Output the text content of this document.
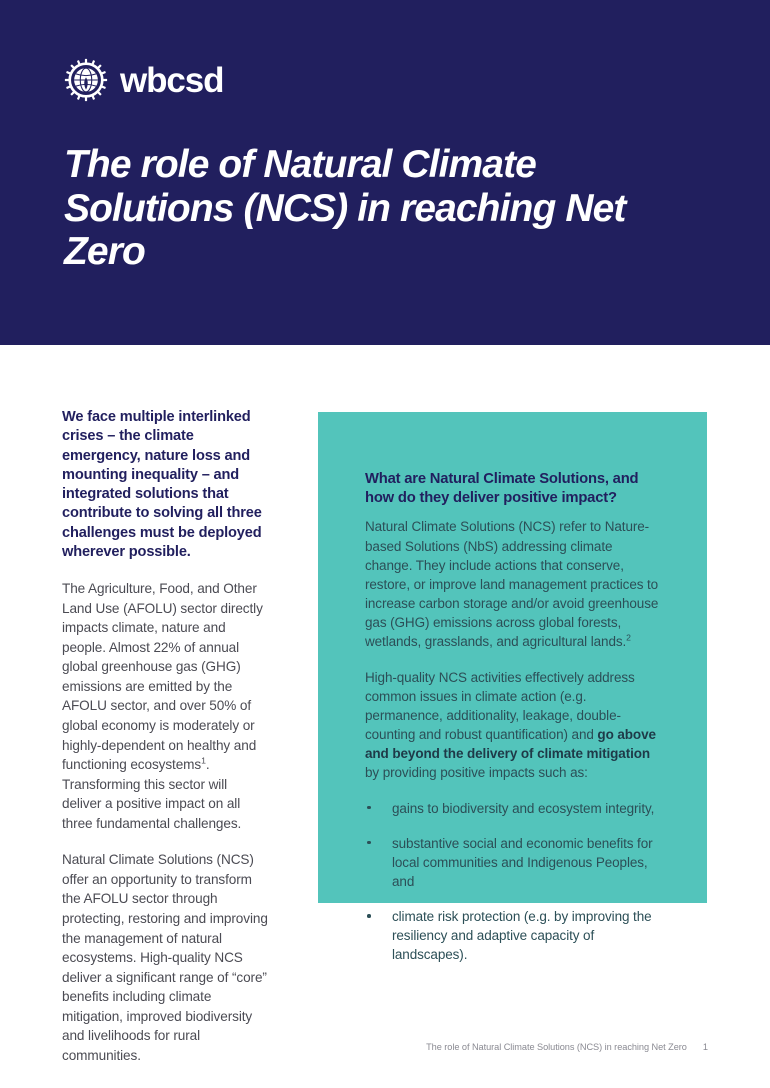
wbcsd
The role of Natural Climate Solutions (NCS) in reaching Net Zero

We face multiple interlinked crises – the climate emergency, nature loss and mounting inequality – and integrated solutions that contribute to solving all three challenges must be deployed wherever possible.

The Agriculture, Food, and Other Land Use (AFOLU) sector directly impacts climate, nature and people. Almost 22% of annual global greenhouse gas (GHG) emissions are emitted by the AFOLU sector, and over 50% of global economy is moderately or highly-dependent on healthy and functioning ecosystems$^1$. Transforming this sector will deliver a positive impact on all three fundamental challenges.

Natural Climate Solutions (NCS) offer an opportunity to transform the AFOLU sector through protecting, restoring and improving the management of natural ecosystems. High-quality NCS deliver a significant range of “core” benefits including climate mitigation, improved biodiversity and livelihoods for rural communities.

What are Natural Climate Solutions, and how do they deliver positive impact?

Natural Climate Solutions (NCS) refer to Nature-based Solutions (NbS) addressing climate change. They include actions that conserve, restore, or improve land management practices to increase carbon storage and/or avoid greenhouse gas (GHG) emissions across global forests, wetlands, grasslands, and agricultural lands.$^2$

High-quality NCS activities effectively address common issues in climate action (e.g. permanence, additionality, leakage, double-counting and robust quantification) and go above and beyond the delivery of climate mitigation by providing positive impacts such as:

gains to biodiversity and ecosystem integrity,
substantive social and economic benefits for local communities and Indigenous Peoples, and
climate risk protection (e.g. by improving the resiliency and adaptive capacity of landscapes).
The role of Natural Climate Solutions (NCS) in reaching Net Zero 1
